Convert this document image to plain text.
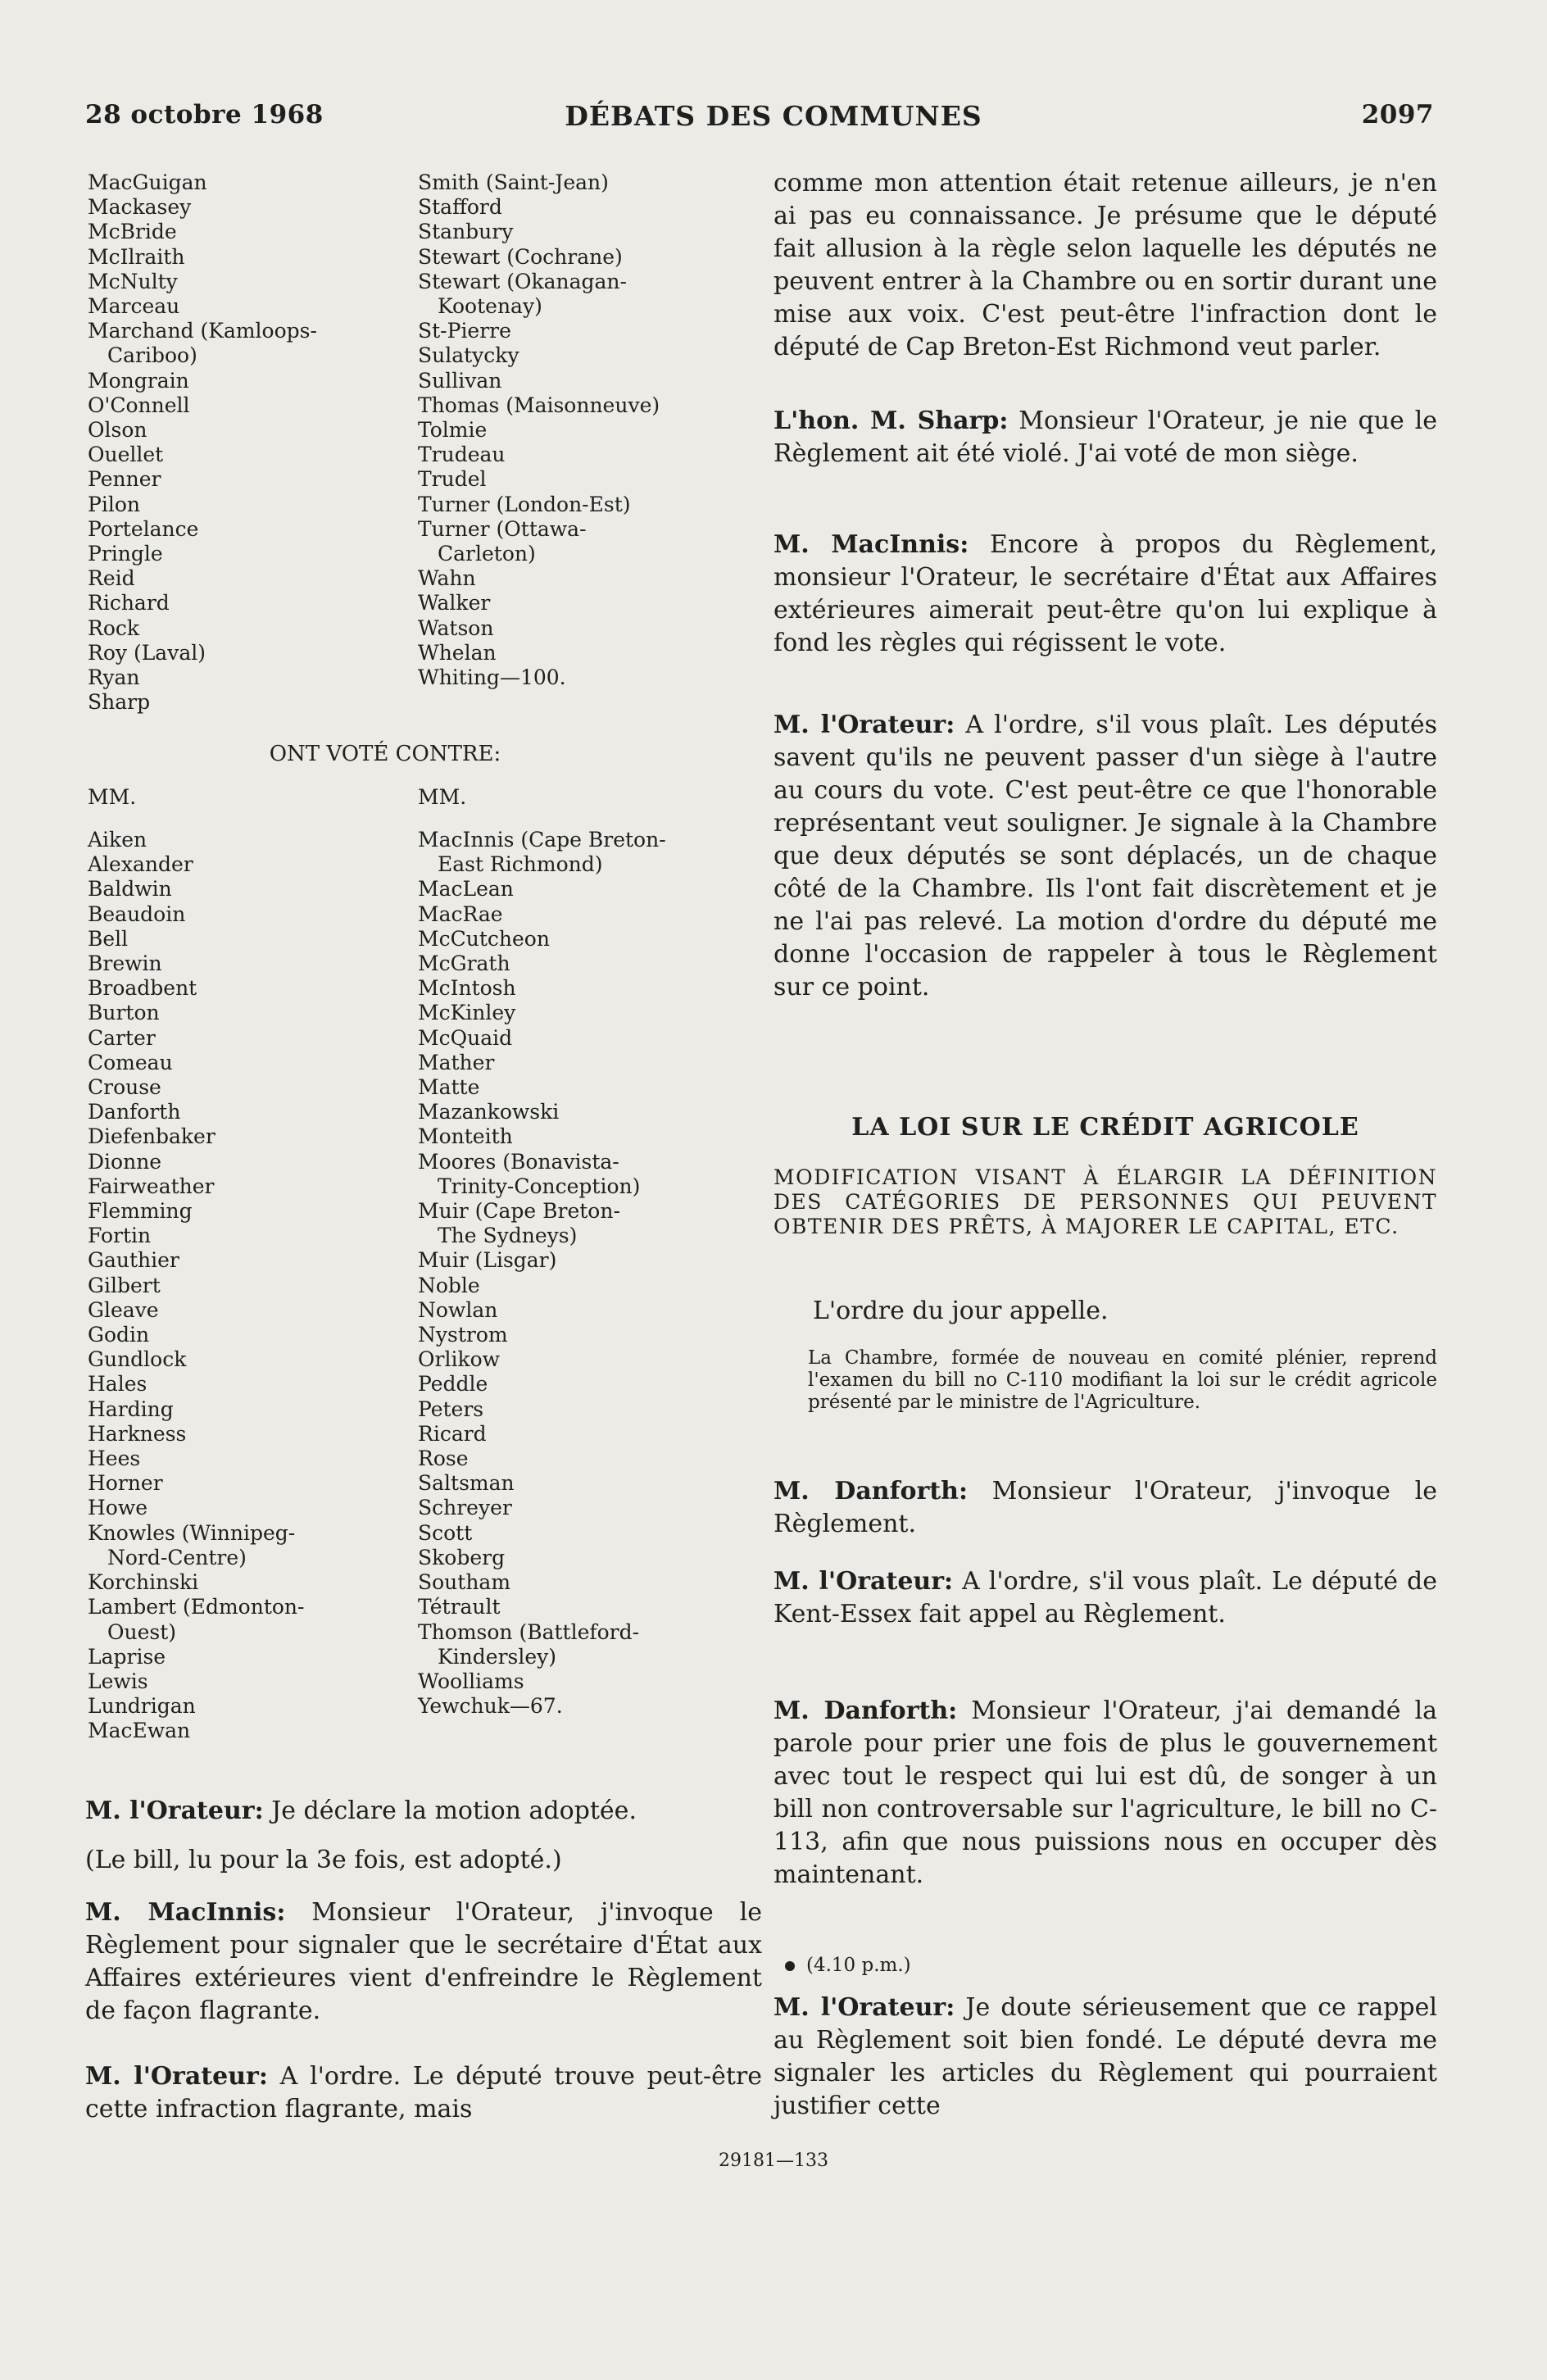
28 octobre 1968	DÉBATS DES COMMUNES	2097
MacGuigan
Mackasey
McBride
McIlraith
McNulty
Marceau
Marchand (Kamloops-
Cariboo)
Mongrain
O'Connell
Olson
Ouellet
Penner
Pilon
Portelance
Pringle
Reid
Richard
Rock
Roy (Laval)
Ryan
Sharp
Smith (Saint-Jean)
Stafford
Stanbury
Stewart (Cochrane)
Stewart (Okanagan-
Kootenay)
St-Pierre
Sulatycky
Sullivan
Thomas (Maisonneuve)
Tolmie
Trudeau
Trudel
Turner (London-Est)
Turner (Ottawa-
Carleton)
Wahn
Walker
Watson
Whelan
Whiting—100.
ONT VOTÉ CONTRE:
MM.	MM.
Aiken
Alexander
Baldwin
Beaudoin
Bell
Brewin
Broadbent
Burton
Carter
Comeau
Crouse
Danforth
Diefenbaker
Dionne
Fairweather
Flemming
Fortin
Gauthier
Gilbert
Gleave
Godin
Gundlock
Hales
Harding
Harkness
Hees
Horner
Howe
Knowles (Winnipeg-
Nord-Centre)
Korchinski
Lambert (Edmonton-
Ouest)
Laprise
Lewis
Lundrigan
MacEwan
MacInnis (Cape Breton-
East Richmond)
MacLean
MacRae
McCutcheon
McGrath
McIntosh
McKinley
McQuaid
Mather
Matte
Mazankowski
Monteith
Moores (Bonavista-
Trinity-Conception)
Muir (Cape Breton-
The Sydneys)
Muir (Lisgar)
Noble
Nowlan
Nystrom
Orlikow
Peddle
Peters
Ricard
Rose
Saltsman
Schreyer
Scott
Skoberg
Southam
Tétrault
Thomson (Battleford-
Kindersley)
Woolliams
Yewchuk—67.
M. l'Orateur: Je déclare la motion adoptée.
(Le bill, lu pour la 3e fois, est adopté.)
M. MacInnis: Monsieur l'Orateur, j'invoque le Règlement pour signaler que le secrétaire d'État aux Affaires extérieures vient d'enfreindre le Règlement de façon flagrante.
M. l'Orateur: A l'ordre. Le député trouve peut-être cette infraction flagrante, mais
comme mon attention était retenue ailleurs, je n'en ai pas eu connaissance. Je présume que le député fait allusion à la règle selon laquelle les députés ne peuvent entrer à la Chambre ou en sortir durant une mise aux voix. C'est peut-être l'infraction dont le député de Cap Breton-Est Richmond veut parler.
L'hon. M. Sharp: Monsieur l'Orateur, je nie que le Règlement ait été violé. J'ai voté de mon siège.
M. MacInnis: Encore à propos du Règlement, monsieur l'Orateur, le secrétaire d'État aux Affaires extérieures aimerait peut-être qu'on lui explique à fond les règles qui régissent le vote.
M. l'Orateur: A l'ordre, s'il vous plaît. Les députés savent qu'ils ne peuvent passer d'un siège à l'autre au cours du vote. C'est peut-être ce que l'honorable représentant veut souligner. Je signale à la Chambre que deux députés se sont déplacés, un de chaque côté de la Chambre. Ils l'ont fait discrètement et je ne l'ai pas relevé. La motion d'ordre du député me donne l'occasion de rappeler à tous le Règlement sur ce point.
LA LOI SUR LE CRÉDIT AGRICOLE
MODIFICATION VISANT À ÉLARGIR LA DÉFINITION DES CATÉGORIES DE PERSONNES QUI PEUVENT OBTENIR DES PRÊTS, À MAJORER LE CAPITAL, ETC.
L'ordre du jour appelle.
La Chambre, formée de nouveau en comité plénier, reprend l'examen du bill no C-110 modifiant la loi sur le crédit agricole présenté par le ministre de l'Agriculture.
M. Danforth: Monsieur l'Orateur, j'invoque le Règlement.
M. l'Orateur: A l'ordre, s'il vous plaît. Le député de Kent-Essex fait appel au Règlement.
M. Danforth: Monsieur l'Orateur, j'ai demandé la parole pour prier une fois de plus le gouvernement avec tout le respect qui lui est dû, de songer à un bill non controversable sur l'agriculture, le bill no C-113, afin que nous puissions nous en occuper dès maintenant.
(4.10 p.m.)
M. l'Orateur: Je doute sérieusement que ce rappel au Règlement soit bien fondé. Le député devra me signaler les articles du Règlement qui pourraient justifier cette
29181—133
